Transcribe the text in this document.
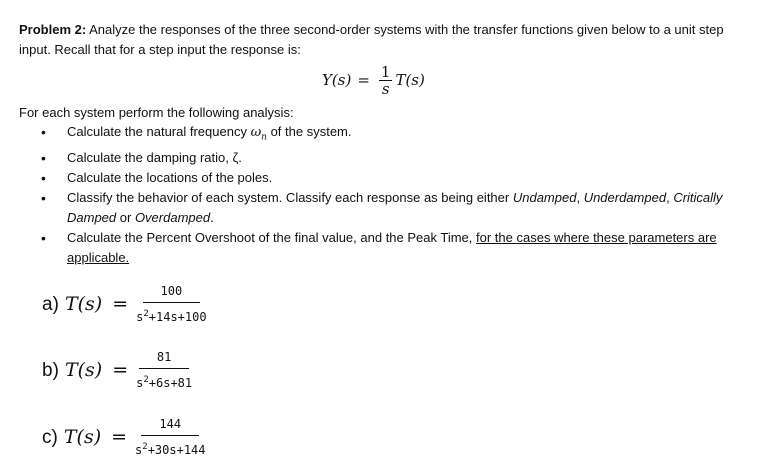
Problem 2: Analyze the responses of the three second-order systems with the transfer functions given below to a unit step input. Recall that for a step input the response is:
$Y(s) = \frac{1}{s} T(s)$
For each system perform the following analysis:
• Calculate the natural frequency $\omega_n$ of the system.
• Calculate the damping ratio, ζ.
• Calculate the locations of the poles.
• Classify the behavior of each system. Classify each response as being either Undamped, Underdamped, Critically Damped or Overdamped.
• Calculate the Percent Overshoot of the final value, and the Peak Time, for the cases where these parameters are applicable.
a) $T(s) = \frac{100}{s^2+14s+100}$
b) $T(s) = \frac{81}{s^2+6s+81}$
c) $T(s) = \frac{144}{s^2+30s+144}$
